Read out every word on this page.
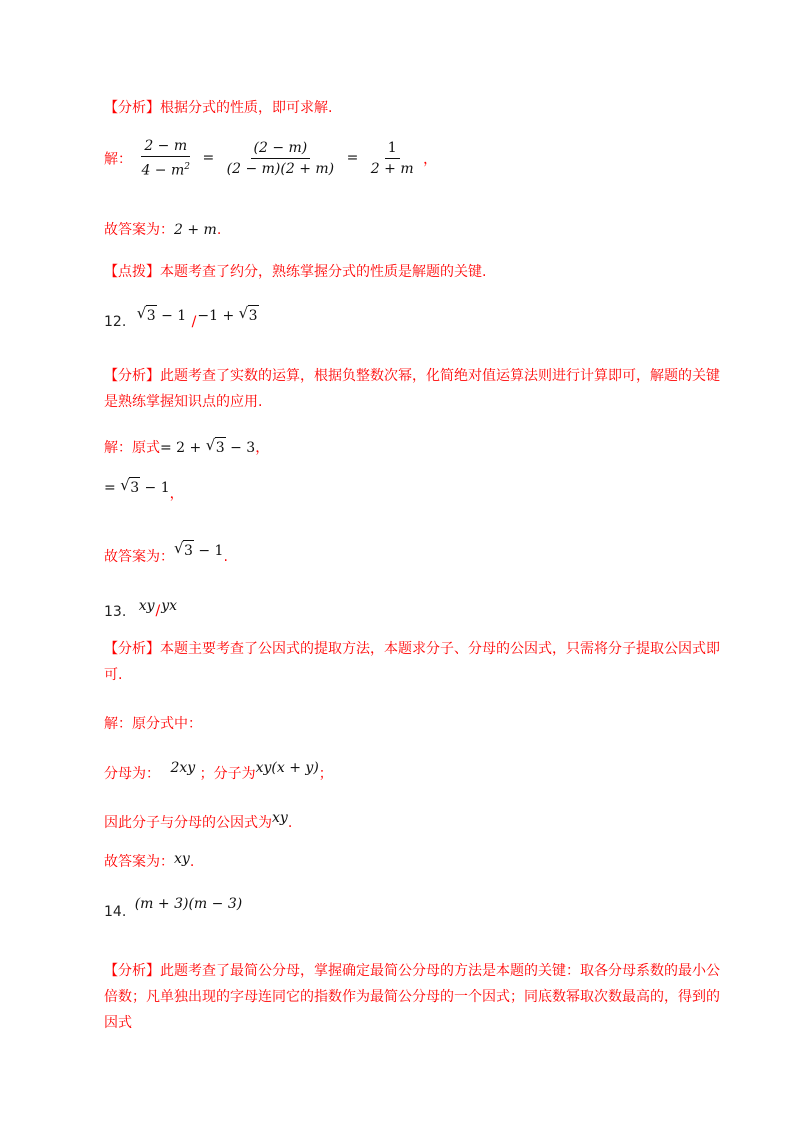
【分析】根据分式的性质，即可求解.
解： $\frac{2 - m}{4 - m^2} = \frac{(2 - m)}{(2 - m)(2 + m)} = \frac{1}{2 + m}$ ，
故答案为：2 + m.
【点拨】本题考查了约分，熟练掌握分式的性质是解题的关键.
12. √ 3 − 1 /−1 + √ 3
【分析】此题考查了实数的运算，根据负整数次幂，化简绝对值运算法则进行计算即可，解题的关键是熟练掌握知识点的应用.
解：原式= 2 + √ 3 − 3，
= √ 3 − 1，
故答案为： √ 3 − 1.
13. xy/yx
【分析】本题主要考查了公因式的提取方法，本题求分子、分母的公因式，只需将分子提取公因式即可.
解：原分式中：
分母为： 2xy ；分子为xy(x + y)；
因此分子与分母的公因式为xy.
故答案为：xy.
14. (m + 3)(m − 3)
【分析】此题考查了最简公分母，掌握确定最简公分母的方法是本题的关键：取各分母系数的最小公倍数；凡单独出现的字母连同它的指数作为最简公分母的一个因式；同底数幂取次数最高的，得到的因式
